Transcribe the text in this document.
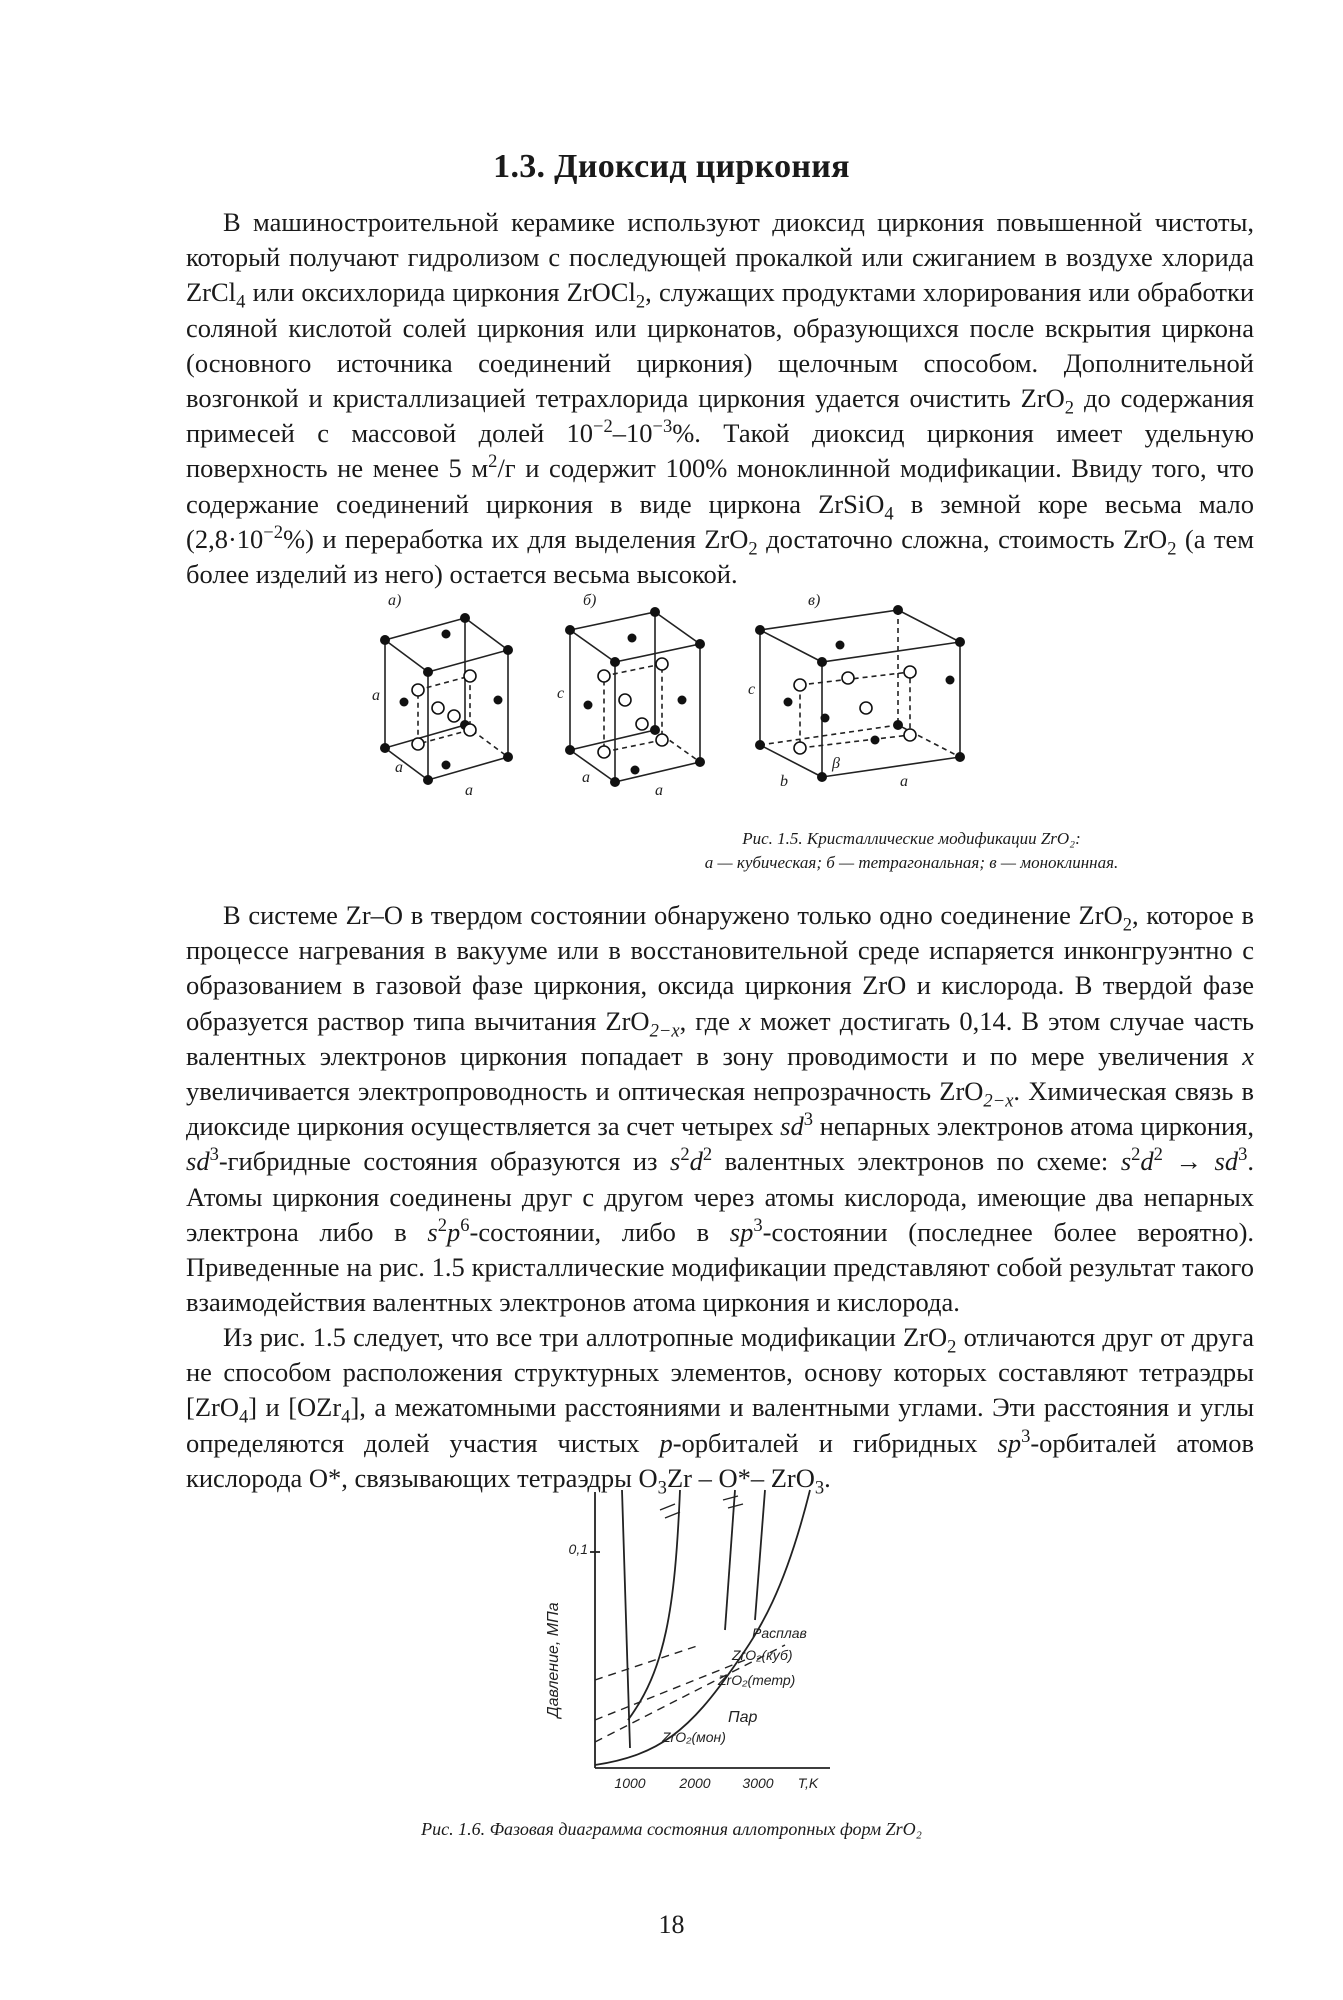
1.3. Диоксид циркония

В машиностроительной керамике используют диоксид циркония повышенной чистоты, который получают гидролизом с последующей прокалкой или сжиганием в воздухе хлорида ZrCl$_4$ или оксихлорида циркония ZrOCl$_2$, служащих продуктами хлорирования или обработки соляной кислотой солей циркония или цирконатов, образующихся после вскрытия циркона (основного источника соединений циркония) щелочным способом. Дополнительной возгонкой и кристаллизацией тетрахлорида циркония удается очистить ZrO$_2$ до содержания примесей с массовой долей $10^{-2}-10^{-3}\%$. Такой диоксид циркония имеет удельную поверхность не менее 5 $м^2/г$ и содержит 100% моноклинной модификации. Ввиду того, что содержание соединений циркония в виде циркона ZrSiO$_4$ в земной коре весьма мало $(2,8\cdot 10^{-2}\%)$ и переработка их для выделения ZrO$_2$ достаточно сложна, стоимость ZrO$_2$ (а тем более изделий из него) остается весьма высокой.

а)	б)	в)
a
a
a
c
a
a
c
b
β
a
Рис. 1.5. Кристаллические модификации ZrO₂:
а — кубическая; б — тетрагональная; в — моноклинная.

В системе Zr–O в твердом состоянии обнаружено только одно соединение ZrO$_2$, которое в процессе нагревания в вакууме или в восстановительной среде испаряется инконгруэнтно с образованием в газовой фазе циркония, оксида циркония ZrO и кислорода. В твердой фазе образуется раствор типа вычитания ZrO$_{2-x}$, где x может достигать 0,14. В этом случае часть валентных электронов циркония попадает в зону проводимости и по мере увеличения x увеличивается электропроводность и оптическая непрозрачность ZrO$_{2-x}$. Химическая связь в диоксиде циркония осуществляется за счет четырех $sd^3$ непарных электронов атома циркония, $sd^3$-гибридные состояния образуются из $s^2d^2$ валентных электронов по схеме: $s^2d^2 \to sd^3$. Атомы циркония соединены друг с другом через атомы кислорода, имеющие два непарных электрона либо в $s^2p^6$-состоянии, либо в $sp^3$-состоянии (последнее более вероятно). Приведенные на рис. 1.5 кристаллические модификации представляют собой результат такого взаимодействия валентных электронов атома циркония и кислорода.

Из рис. 1.5 следует, что все три аллотропные модификации ZrO$_2$ отличаются друг от друга не способом расположения структурных элементов, основу которых составляют тетраэдры [ZrO$_4$] и [OZr$_4$], а межатомными расстояниями и валентными углами. Эти расстояния и углы определяются долей участия чистых p-орбиталей и гибридных $sp^3$-орбиталей атомов кислорода O*, связывающих тетраэдры $O_3Zr - O*-$ ZrO$_3$.

0,1
Давление, МПа
1000 2000 3000 T,K
Расплав
ZrO₂(куб)
ZrO₂(тетр)
Пар
ZrO₂(мон)
Рис. 1.6. Фазовая диаграмма состояния аллотропных форм ZrO₂
18
